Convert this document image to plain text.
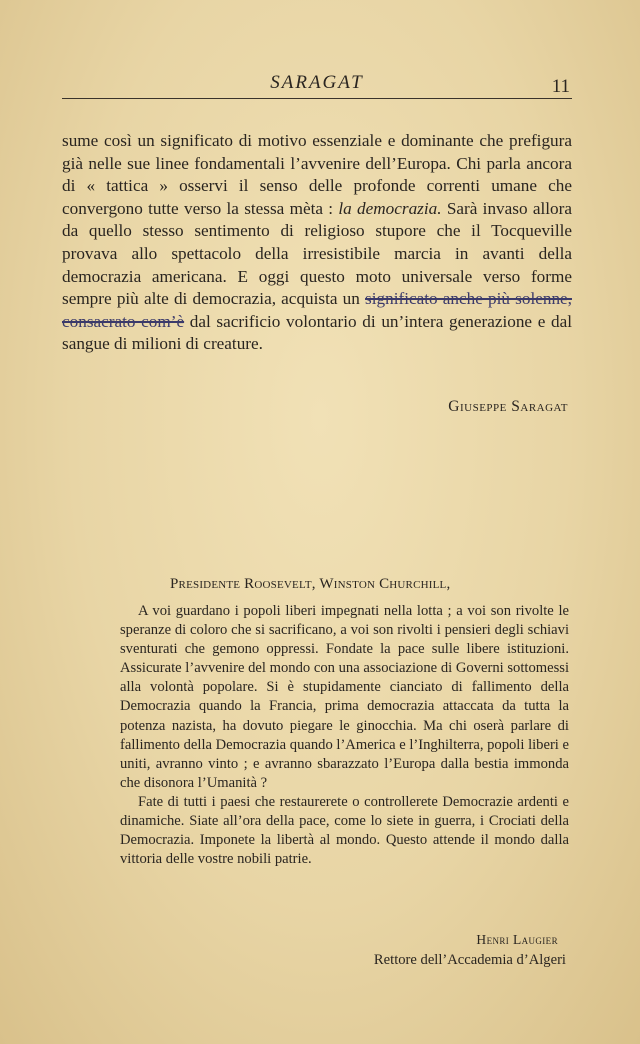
SARAGAT	11

sume così un significato di motivo essenziale e dominante che prefigura già nelle sue linee fondamentali l’avvenire dell’Europa. Chi parla ancora di « tattica » osservi il senso delle profonde correnti umane che convergono tutte verso la stessa mèta : la democrazia. Sarà invaso allora da quello stesso sentimento di religioso stupore che il Tocqueville provava allo spettacolo della irresistibile marcia in avanti della democrazia americana. E oggi questo moto universale verso forme sempre più alte di democrazia, acquista un significato anche più solenne, consacrato com’è dal sacrificio volontario di un’intera generazione e dal sangue di milioni di creature.

Giuseppe Saragat
Presidente Roosevelt, Winston Churchill,

A voi guardano i popoli liberi impegnati nella lotta ; a voi son rivolte le speranze di coloro che si sacrificano, a voi son rivolti i pensieri degli schiavi sventurati che gemono oppressi. Fondate la pace sulle libere istituzioni. Assicurate l’avvenire del mondo con una associazione di Governi sottomessi alla volontà popolare. Si è stupidamente cianciato di fallimento della Democrazia quando la Francia, prima democrazia attaccata da tutta la potenza nazista, ha dovuto piegare le ginocchia. Ma chi oserà parlare di fallimento della Democrazia quando l’America e l’Inghilterra, popoli liberi e uniti, avranno vinto ; e avranno sbarazzato l’Europa dalla bestia immonda che disonora l’Umanità ?

Fate di tutti i paesi che restaurerete o controllerete Democrazie ardenti e dinamiche. Siate all’ora della pace, come lo siete in guerra, i Crociati della Democrazia. Imponete la libertà al mondo. Questo attende il mondo dalla vittoria delle vostre nobili patrie.

Henri Laugier
Rettore dell’Accademia d’Algeri
